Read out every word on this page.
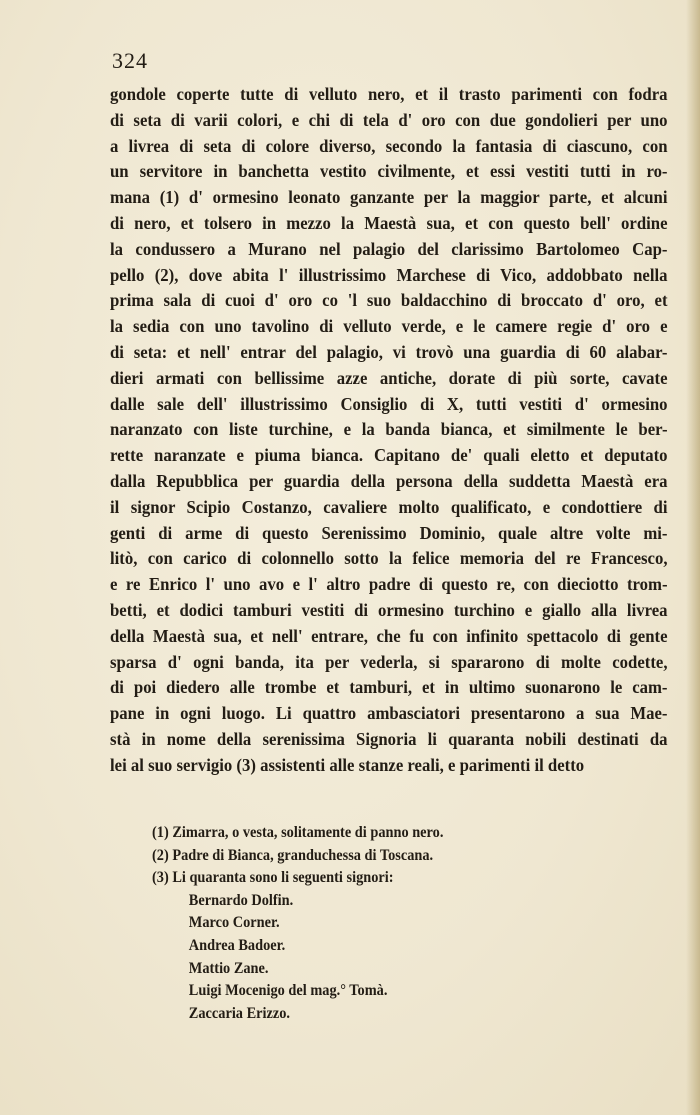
324
gondole coperte tutte di velluto nero, et il trasto parimenti con fodra
di seta di varii colori, e chi di tela d' oro con due gondolieri per uno
a livrea di seta di colore diverso, secondo la fantasia di ciascuno, con
un servitore in banchetta vestito civilmente, et essi vestiti tutti in ro-
mana (1) d' ormesino leonato ganzante per la maggior parte, et alcuni
di nero, et tolsero in mezzo la Maestà sua, et con questo bell' ordine
la condussero a Murano nel palagio del clarissimo Bartolomeo Cap-
pello (2), dove abita l' illustrissimo Marchese di Vico, addobbato nella
prima sala di cuoi d' oro co 'l suo baldacchino di broccato d' oro, et
la sedia con uno tavolino di velluto verde, e le camere regie d' oro e
di seta: et nell' entrar del palagio, vi trovò una guardia di 60 alabar-
dieri armati con bellissime azze antiche, dorate di più sorte, cavate
dalle sale dell' illustrissimo Consiglio di X, tutti vestiti d' ormesino
naranzato con liste turchine, e la banda bianca, et similmente le ber-
rette naranzate e piuma bianca. Capitano de' quali eletto et deputato
dalla Repubblica per guardia della persona della suddetta Maestà era
il signor Scipio Costanzo, cavaliere molto qualificato, e condottiere di
genti di arme di questo Serenissimo Dominio, quale altre volte mi-
litò, con carico di colonnello sotto la felice memoria del re Francesco,
e re Enrico l' uno avo e l' altro padre di questo re, con dieciotto trom-
betti, et dodici tamburi vestiti di ormesino turchino e giallo alla livrea
della Maestà sua, et nell' entrare, che fu con infinito spettacolo di gente
sparsa d' ogni banda, ita per vederla, si spararono di molte codette,
di poi diedero alle trombe et tamburi, et in ultimo suonarono le cam-
pane in ogni luogo. Li quattro ambasciatori presentarono a sua Mae-
stà in nome della serenissima Signoria li quaranta nobili destinati da
lei al suo servigio (3) assistenti alle stanze reali, e parimenti il detto
(1) Zimarra, o vesta, solitamente di panno nero.
(2) Padre di Bianca, granduchessa di Toscana.
(3) Li quaranta sono li seguenti signori:
Bernardo Dolfin.
Marco Corner.
Andrea Badoer.
Mattio Zane.
Luigi Mocenigo del mag.° Tomà.
Zaccaria Erizzo.
